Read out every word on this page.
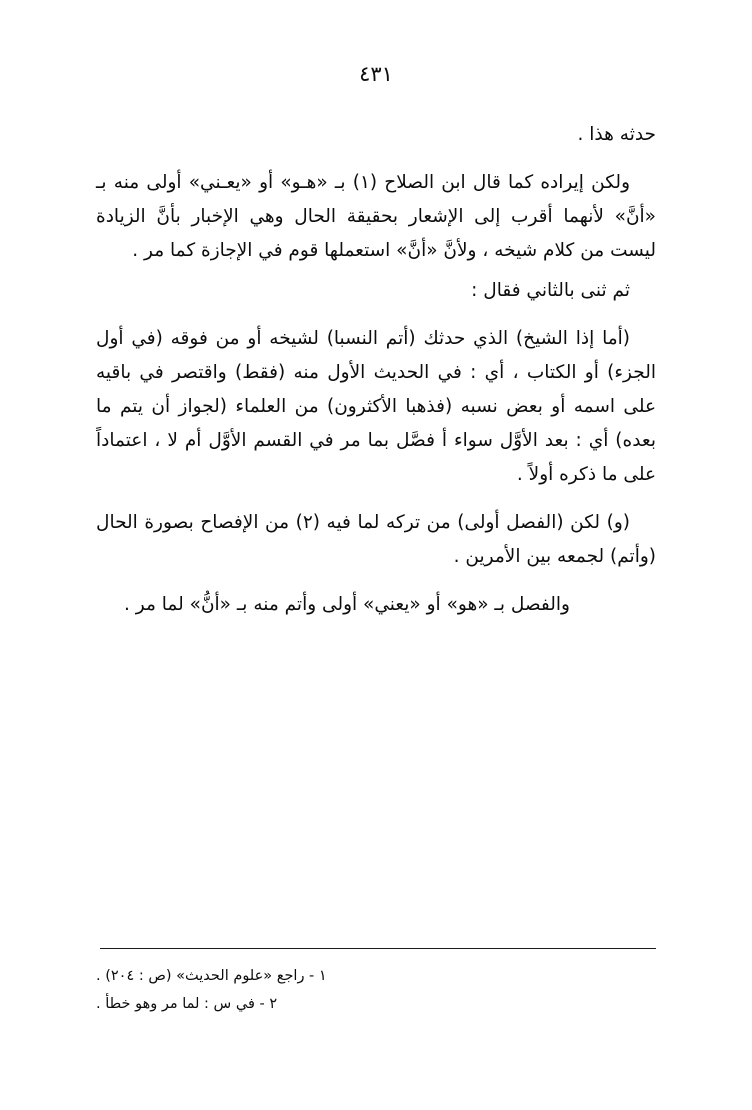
٤٣١

حدثه هذا .

ولكن إيراده كما قال ابن الصلاح (١) بـ «هـو» أو «يعـني» أولى منه بـ «أنَّ» لأنهما أقرب إلى الإشعار بحقيقة الحال وهي الإخبار بأنَّ الزيادة ليست من كلام شيخه ، ولأنَّ «أنَّ» استعملها قوم في الإجازة كما مر .

ثم ثنى بالثاني فقال :

(أما إذا الشيخ) الذي حدثك (أتم النسبا) لشيخه أو من فوقه (في أول الجزء) أو الكتاب ، أي : في الحديث الأول منه (فقط) واقتصر في باقيه على اسمه أو بعض نسبه (فذهبا الأكثرون) من العلماء (لجواز أن يتم ما بعده) أي : بعد الأوَّل سواء أ فصَّل بما مر في القسم الأوَّل أم لا ، اعتماداً على ما ذكره أولاً .

(و) لكن (الفصل أولى) من تركه لما فيه (٢) من الإفصاح بصورة الحال (وأتم) لجمعه بين الأمرين .

والفصل بـ «هو» أو «يعني» أولى وأتم منه بـ «أنُّ» لما مر .

١ - راجع «علوم الحديث» (ص : ٢٠٤) .

٢ - في س : لما مر وهو خطأ .
